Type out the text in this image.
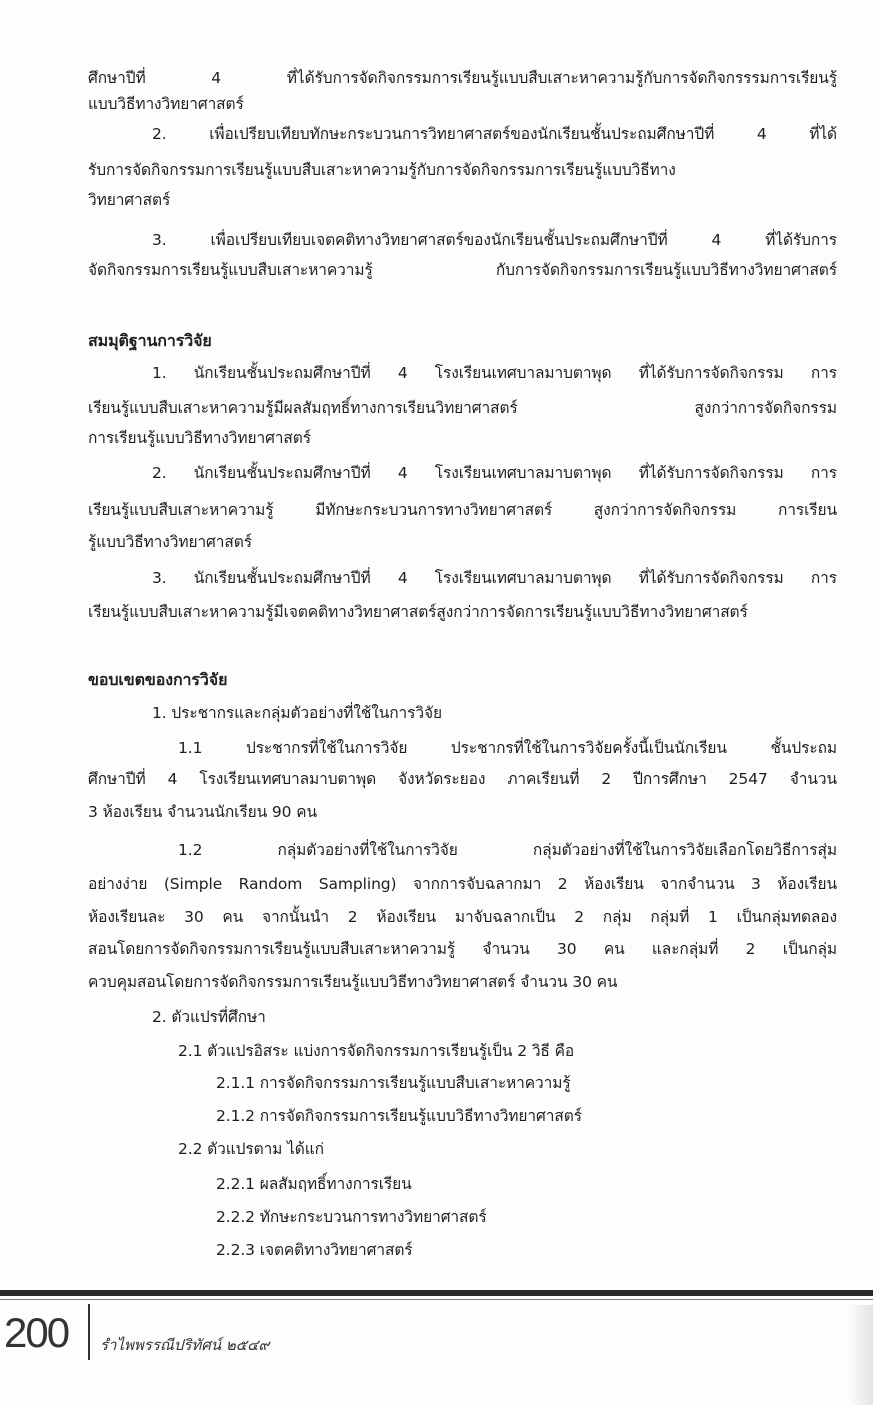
ศึกษาปีที่ 4 ที่ได้รับการจัดกิจกรรมการเรียนรู้แบบสืบเสาะหาความรู้กับการจัดกิจกรรรมการเรียนรู้
แบบวิธีทางวิทยาศาสตร์
2. เพื่อเปรียบเทียบทักษะกระบวนการวิทยาศาสตร์ของนักเรียนชั้นประถมศึกษาปีที่ 4 ที่ได้
รับการจัดกิจกรรมการเรียนรู้แบบสืบเสาะหาความรู้กับการจัดกิจกรรมการเรียนรู้แบบวิธีทาง
วิทยาศาสตร์
3. เพื่อเปรียบเทียบเจตคติทางวิทยาศาสตร์ของนักเรียนชั้นประถมศึกษาปีที่ 4 ที่ได้รับการ
จัดกิจกรรมการเรียนรู้แบบสืบเสาะหาความรู้ กับการจัดกิจกรรมการเรียนรู้แบบวิธีทางวิทยาศาสตร์
สมมุติฐานการวิจัย
1. นักเรียนชั้นประถมศึกษาปีที่ 4 โรงเรียนเทศบาลมาบตาพุด ที่ได้รับการจัดกิจกรรม การ
เรียนรู้แบบสืบเสาะหาความรู้มีผลสัมฤทธิ์ทางการเรียนวิทยาศาสตร์ สูงกว่าการจัดกิจกรรม
การเรียนรู้แบบวิธีทางวิทยาศาสตร์
2. นักเรียนชั้นประถมศึกษาปีที่ 4 โรงเรียนเทศบาลมาบตาพุด ที่ได้รับการจัดกิจกรรม การ
เรียนรู้แบบสืบเสาะหาความรู้ มีทักษะกระบวนการทางวิทยาศาสตร์ สูงกว่าการจัดกิจกรรม การเรียน
รู้แบบวิธีทางวิทยาศาสตร์
3. นักเรียนชั้นประถมศึกษาปีที่ 4 โรงเรียนเทศบาลมาบตาพุด ที่ได้รับการจัดกิจกรรม การ
เรียนรู้แบบสืบเสาะหาความรู้มีเจตคติทางวิทยาศาสตร์สูงกว่าการจัดการเรียนรู้แบบวิธีทางวิทยาศาสตร์
ขอบเขตของการวิจัย
1. ประชากรและกลุ่มตัวอย่างที่ใช้ในการวิจัย
1.1 ประชากรที่ใช้ในการวิจัย ประชากรที่ใช้ในการวิจัยครั้งนี้เป็นนักเรียน ชั้นประถม
ศึกษาปีที่ 4 โรงเรียนเทศบาลมาบตาพุด จังหวัดระยอง ภาคเรียนที่ 2 ปีการศึกษา 2547 จำนวน
3 ห้องเรียน จำนวนนักเรียน 90 คน
1.2 กลุ่มตัวอย่างที่ใช้ในการวิจัย กลุ่มตัวอย่างที่ใช้ในการวิจัยเลือกโดยวิธีการสุ่ม
อย่างง่าย (Simple Random Sampling) จากการจับฉลากมา 2 ห้องเรียน จากจำนวน 3 ห้องเรียน
ห้องเรียนละ 30 คน จากนั้นนำ 2 ห้องเรียน มาจับฉลากเป็น 2 กลุ่ม กลุ่มที่ 1 เป็นกลุ่มทดลอง
สอนโดยการจัดกิจกรรมการเรียนรู้แบบสืบเสาะหาความรู้ จำนวน 30 คน และกลุ่มที่ 2 เป็นกลุ่ม
ควบคุมสอนโดยการจัดกิจกรรมการเรียนรู้แบบวิธีทางวิทยาศาสตร์ จำนวน 30 คน
2. ตัวแปรที่ศึกษา
2.1 ตัวแปรอิสระ แบ่งการจัดกิจกรรมการเรียนรู้เป็น 2 วิธี คือ
2.1.1 การจัดกิจกรรมการเรียนรู้แบบสืบเสาะหาความรู้
2.1.2 การจัดกิจกรรมการเรียนรู้แบบวิธีทางวิทยาศาสตร์
2.2 ตัวแปรตาม ได้แก่
2.2.1 ผลสัมฤทธิ์ทางการเรียน
2.2.2 ทักษะกระบวนการทางวิทยาศาสตร์
2.2.3 เจตคติทางวิทยาศาสตร์
200 รำไพพรรณีปริทัศน์ ๒๕๔๙
